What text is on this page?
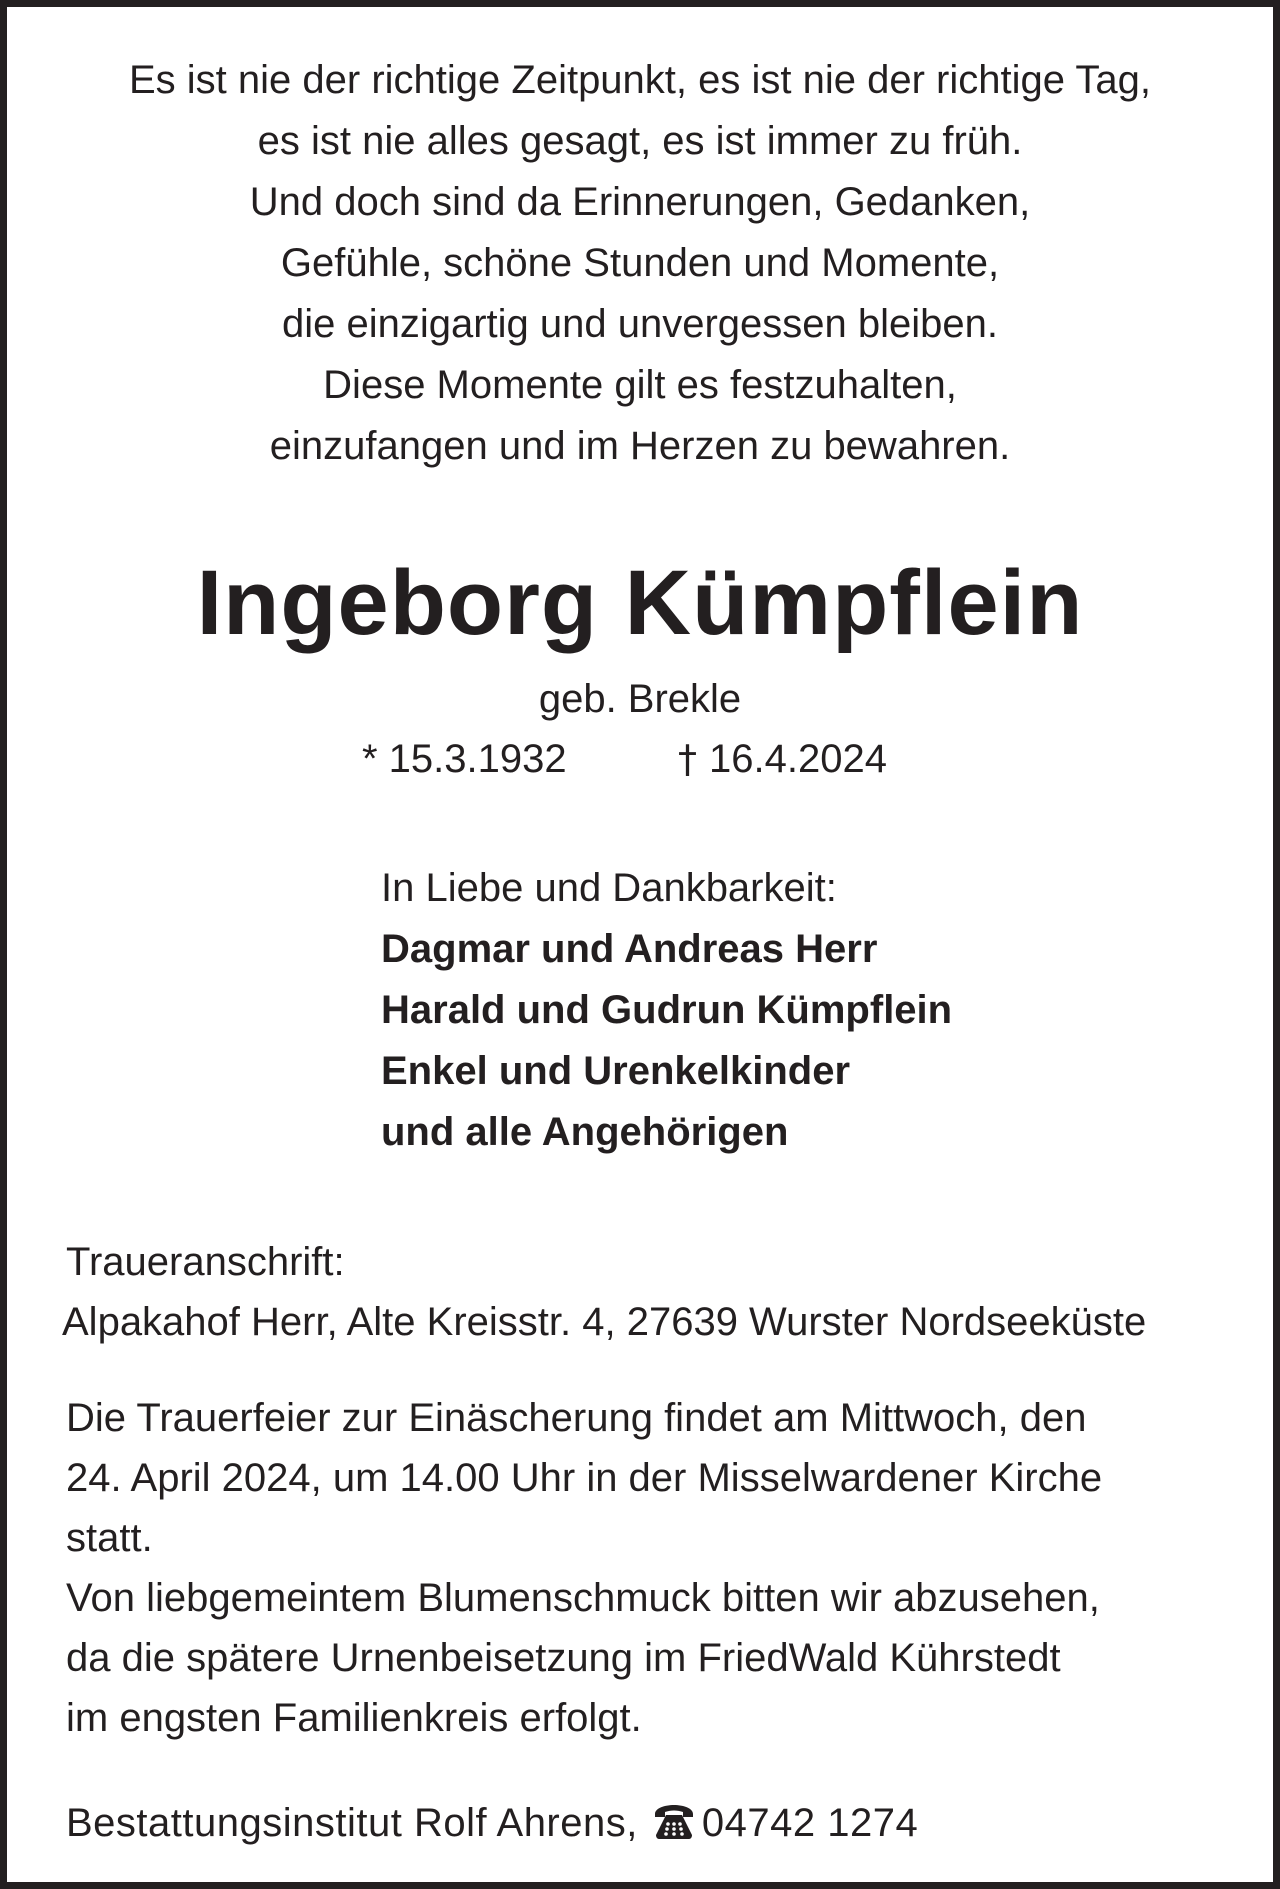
Es ist nie der richtige Zeitpunkt, es ist nie der richtige Tag,
es ist nie alles gesagt, es ist immer zu früh.
Und doch sind da Erinnerungen, Gedanken,
Gefühle, schöne Stunden und Momente,
die einzigartig und unvergessen bleiben.
Diese Momente gilt es festzuhalten,
einzufangen und im Herzen zu bewahren.
Ingeborg Kümpflein
geb. Brekle
* 15.3.1932	† 16.4.2024
In Liebe und Dankbarkeit:
Dagmar und Andreas Herr
Harald und Gudrun Kümpflein
Enkel und Urenkelkinder
und alle Angehörigen
Traueranschrift:
Alpakahof Herr, Alte Kreisstr. 4, 27639 Wurster Nordseeküste
Die Trauerfeier zur Einäscherung findet am Mittwoch, den
24. April 2024, um 14.00 Uhr in der Misselwardener Kirche
statt.
Von liebgemeintem Blumenschmuck bitten wir abzusehen,
da die spätere Urnenbeisetzung im FriedWald Kührstedt
im engsten Familienkreis erfolgt.
Bestattungsinstitut Rolf Ahrens, 04742 1274
